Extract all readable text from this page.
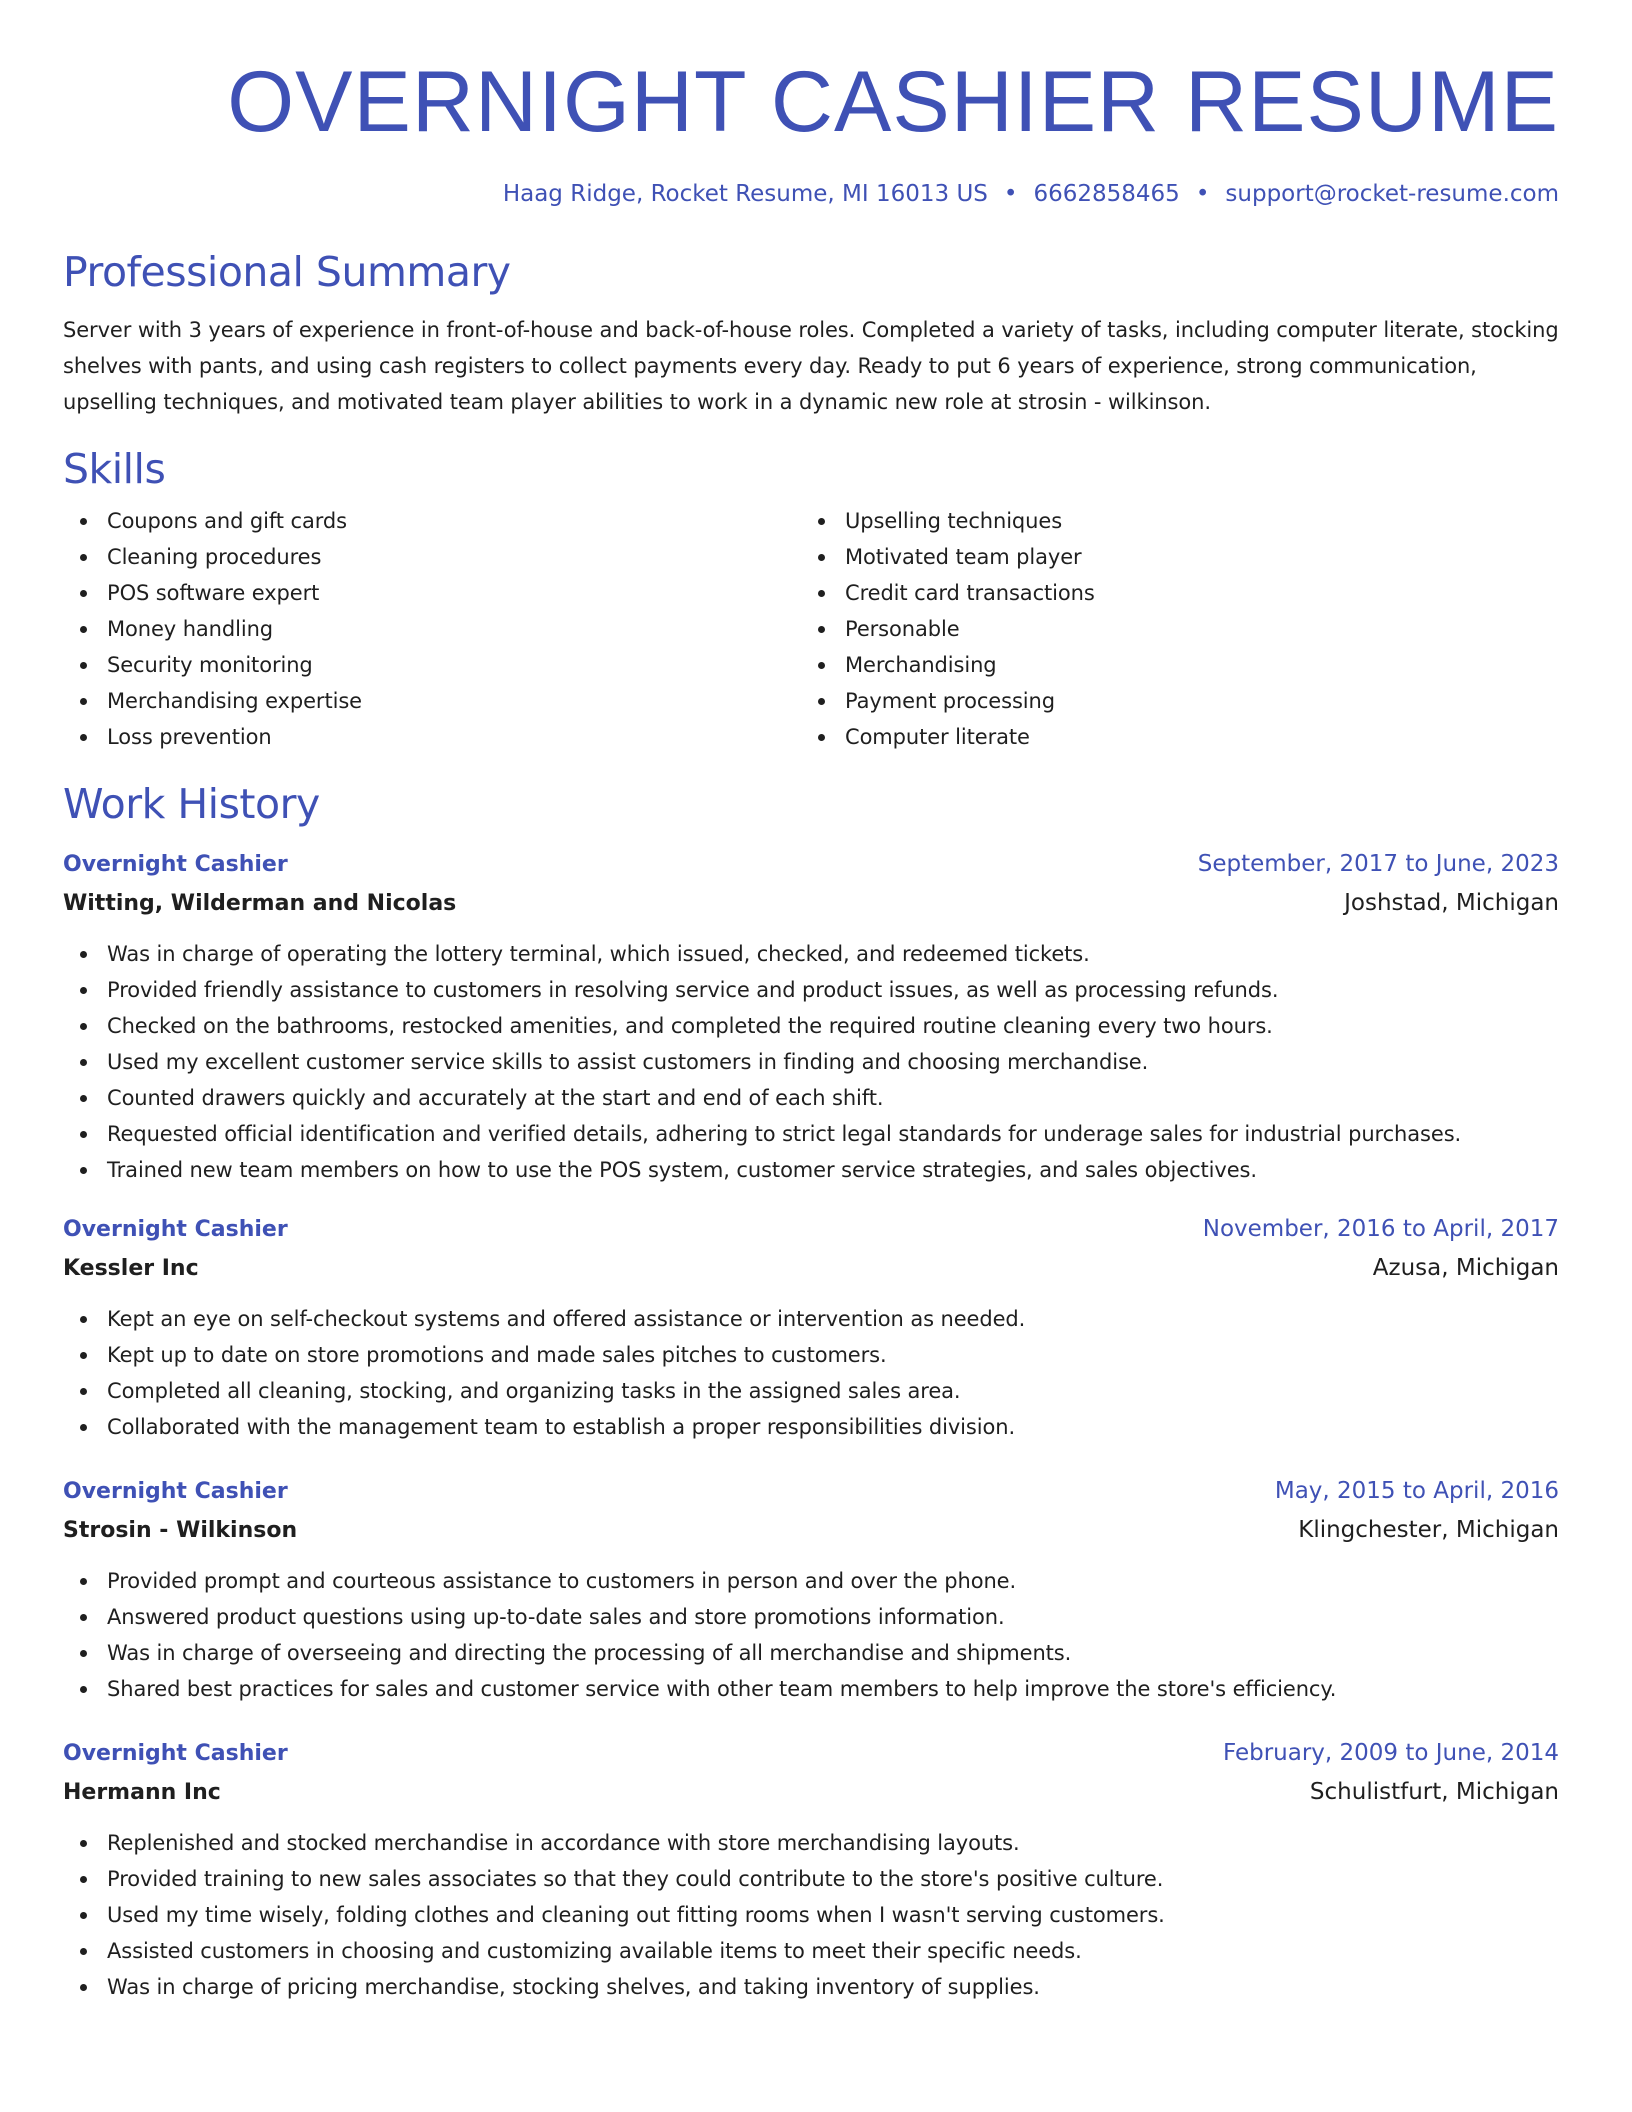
OVERNIGHT CASHIER RESUME
Haag Ridge, Rocket Resume, MI 16013 US • 6662858465 • support@rocket-resume.com
Professional Summary

Server with 3 years of experience in front-of-house and back-of-house roles. Completed a variety of tasks, including computer literate, stocking shelves with pants, and using cash registers to collect payments every day. Ready to put 6 years of experience, strong communication, upselling techniques, and motivated team player abilities to work in a dynamic new role at strosin - wilkinson.

Skills
Coupons and gift cards
Cleaning procedures
POS software expert
Money handling
Security monitoring
Merchandising expertise
Loss prevention
Upselling techniques
Motivated team player
Credit card transactions
Personable
Merchandising
Payment processing
Computer literate
Work History
Overnight Cashier	September, 2017 to June, 2023
Witting, Wilderman and Nicolas	Joshstad, Michigan
Was in charge of operating the lottery terminal, which issued, checked, and redeemed tickets.
Provided friendly assistance to customers in resolving service and product issues, as well as processing refunds.
Checked on the bathrooms, restocked amenities, and completed the required routine cleaning every two hours.
Used my excellent customer service skills to assist customers in finding and choosing merchandise.
Counted drawers quickly and accurately at the start and end of each shift.
Requested official identification and verified details, adhering to strict legal standards for underage sales for industrial purchases.
Trained new team members on how to use the POS system, customer service strategies, and sales objectives.
Overnight Cashier	November, 2016 to April, 2017
Kessler Inc	Azusa, Michigan
Kept an eye on self-checkout systems and offered assistance or intervention as needed.
Kept up to date on store promotions and made sales pitches to customers.
Completed all cleaning, stocking, and organizing tasks in the assigned sales area.
Collaborated with the management team to establish a proper responsibilities division.
Overnight Cashier	May, 2015 to April, 2016
Strosin - Wilkinson	Klingchester, Michigan
Provided prompt and courteous assistance to customers in person and over the phone.
Answered product questions using up-to-date sales and store promotions information.
Was in charge of overseeing and directing the processing of all merchandise and shipments.
Shared best practices for sales and customer service with other team members to help improve the store's efficiency.
Overnight Cashier	February, 2009 to June, 2014
Hermann Inc	Schulistfurt, Michigan
Replenished and stocked merchandise in accordance with store merchandising layouts.
Provided training to new sales associates so that they could contribute to the store's positive culture.
Used my time wisely, folding clothes and cleaning out fitting rooms when I wasn't serving customers.
Assisted customers in choosing and customizing available items to meet their specific needs.
Was in charge of pricing merchandise, stocking shelves, and taking inventory of supplies.
